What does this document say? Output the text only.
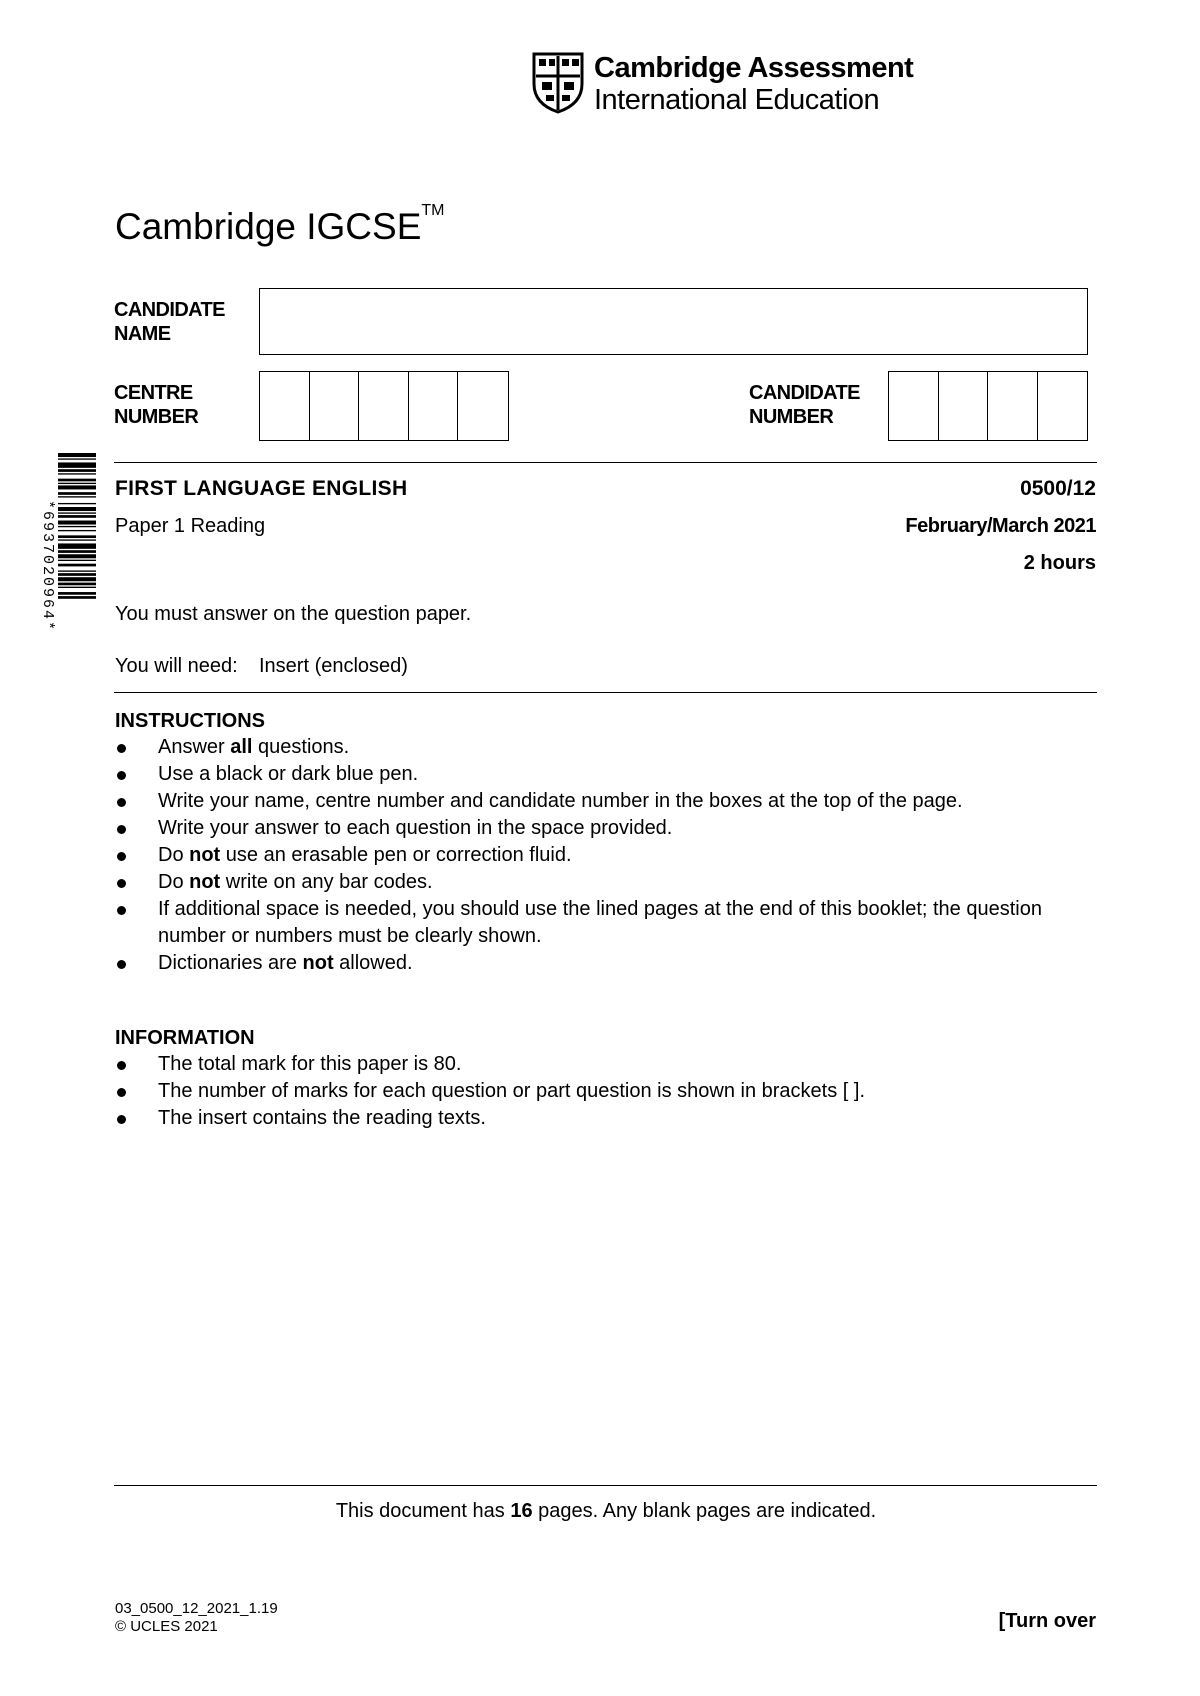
Cambridge Assessment
International Education
Cambridge IGCSE™
CANDIDATE
NAME
CENTRE
NUMBER
CANDIDATE
NUMBER
*6937020964*
FIRST LANGUAGE ENGLISH	0500/12
Paper 1 Reading	February/March 2021
2 hours
You must answer on the question paper.
You will need: Insert (enclosed)
INSTRUCTIONS
Answer all questions.
Use a black or dark blue pen.
Write your name, centre number and candidate number in the boxes at the top of the page.
Write your answer to each question in the space provided.
Do not use an erasable pen or correction fluid.
Do not write on any bar codes.
If additional space is needed, you should use the lined pages at the end of this booklet; the question number or numbers must be clearly shown.
Dictionaries are not allowed.
INFORMATION
The total mark for this paper is 80.
The number of marks for each question or part question is shown in brackets [ ].
The insert contains the reading texts.
This document has 16 pages. Any blank pages are indicated.
03_0500_12_2021_1.19
© UCLES 2021	[Turn over
